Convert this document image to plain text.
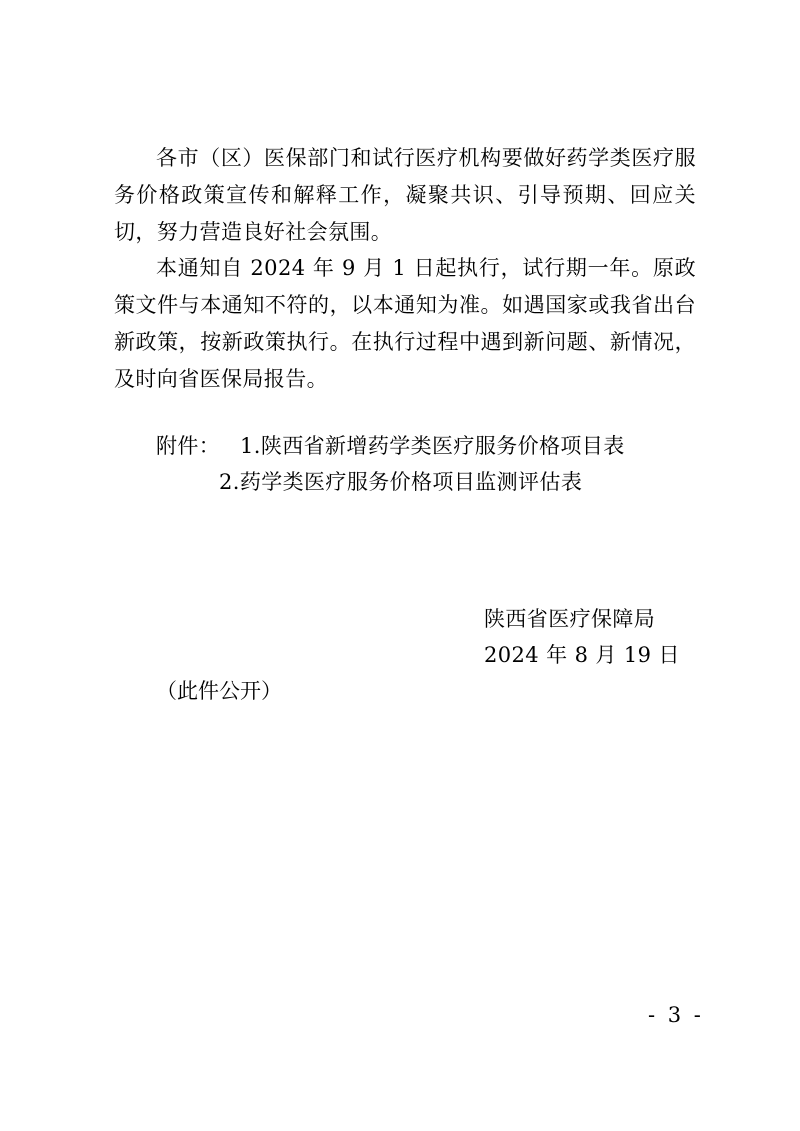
各市（区）医保部门和试行医疗机构要做好药学类医疗服务价格政策宣传和解释工作，凝聚共识、引导预期、回应关切，努力营造良好社会氛围。

本通知自 2024 年 9 月 1 日起执行，试行期一年。原政策文件与本通知不符的，以本通知为准。如遇国家或我省出台新政策，按新政策执行。在执行过程中遇到新问题、新情况，及时向省医保局报告。

附件： 1.陕西省新增药学类医疗服务价格项目表
2.药学类医疗服务价格项目监测评估表
陕西省医疗保障局
2024 年 8 月 19 日
（此件公开）
- 3 -
